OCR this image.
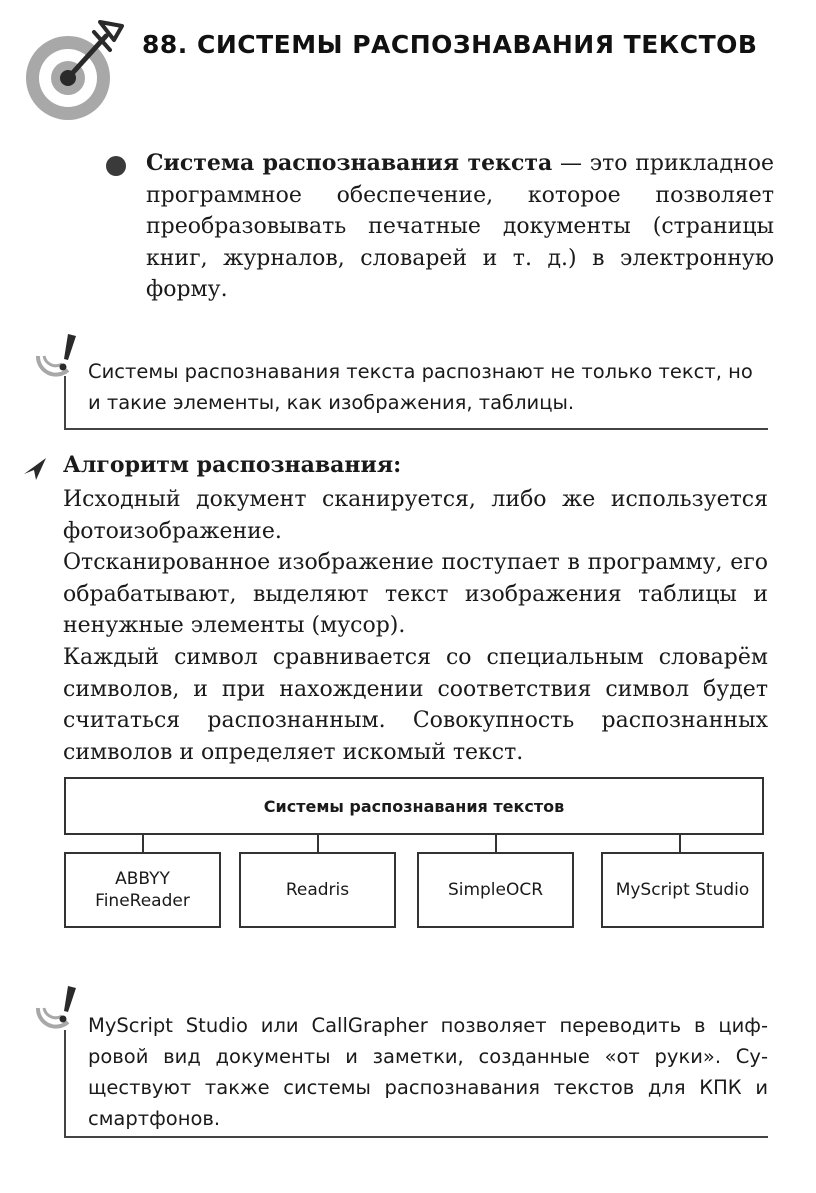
88. СИСТЕМЫ РАСПОЗНАВАНИЯ ТЕКСТОВ

Система распознавания текста — это прикладное программное обеспечение, которое позволяет преобразовывать печатные документы (страницы книг, журналов, словарей и т. д.) в электронную форму.

Системы распознавания текста распознают не только текст, но и такие элементы, как изображения, таблицы.

Алгоритм распознавания:

Исходный документ сканируется, либо же используется фотоизображение.

Отсканированное изображение поступает в программу, его обрабатывают, выделяют текст изображения таблицы и ненужные элементы (мусор).

Каждый символ сравнивается со специальным словарём символов, и при нахождении соответствия символ будет считаться распознанным. Совокупность распознанных символов и определяет искомый текст.

Системы распознавания текстов
ABBYY FineReader
Readris	SimpleOCR	MyScript Studio

MyScript Studio или CallGrapher позволяет переводить в цифровой вид документы и заметки, созданные «от руки». Существуют также системы распознавания текстов для КПК и смартфонов.
